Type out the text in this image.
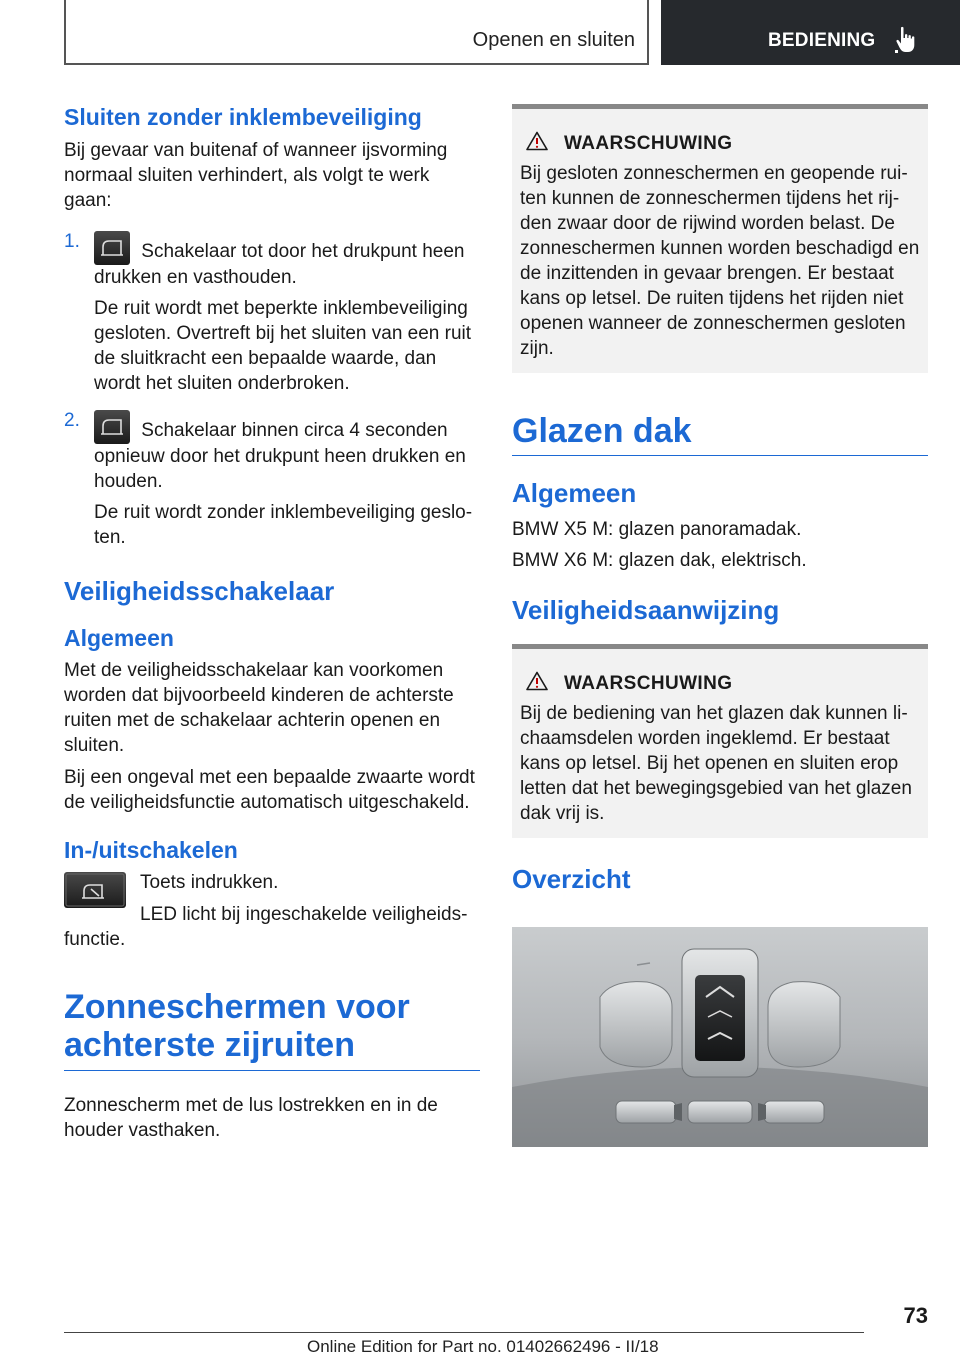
Openen en sluiten	BEDIENING
Sluiten zonder inklembeveiliging
Bij gevaar van buitenaf of wanneer ijsvorming normaal sluiten verhindert, als volgt te werk gaan:
1.	Schakelaar tot door het drukpunt heen drukken en vasthouden.
De ruit wordt met beperkte inklembeveiliging gesloten. Overtreft bij het sluiten van een ruit de sluitkracht een bepaalde waarde, dan wordt het sluiten onderbroken.
2.	Schakelaar binnen circa 4 seconden opnieuw door het drukpunt heen drukken en houden.
De ruit wordt zonder inklembeveiliging geslo-ten.
Veiligheidsschakelaar
Algemeen
Met de veiligheidsschakelaar kan voorkomen worden dat bijvoorbeeld kinderen de achterste ruiten met de schakelaar achterin openen en sluiten.
Bij een ongeval met een bepaalde zwaarte wordt de veiligheidsfunctie automatisch uitgeschakeld.
In-/uitschakelen
Toets indrukken.
LED licht bij ingeschakelde veiligheids-functie.
Zonneschermen voor achterste zijruiten
Zonnescherm met de lus lostrekken en in de houder vasthaken.
WAARSCHUWING
Bij gesloten zonneschermen en geopende rui-ten kunnen de zonneschermen tijdens het rij-den zwaar door de rijwind worden belast. De zonneschermen kunnen worden beschadigd en de inzittenden in gevaar brengen. Er bestaat kans op letsel. De ruiten tijdens het rijden niet openen wanneer de zonneschermen gesloten zijn.
Glazen dak
Algemeen
BMW X5 M: glazen panoramadak.
BMW X6 M: glazen dak, elektrisch.
Veiligheidsaanwijzing
WAARSCHUWING
Bij de bediening van het glazen dak kunnen li-chaamsdelen worden ingeklemd. Er bestaat kans op letsel. Bij het openen en sluiten erop letten dat het bewegingsgebied van het glazen dak vrij is.
Overzicht
73
Online Edition for Part no. 01402662496 - II/18
